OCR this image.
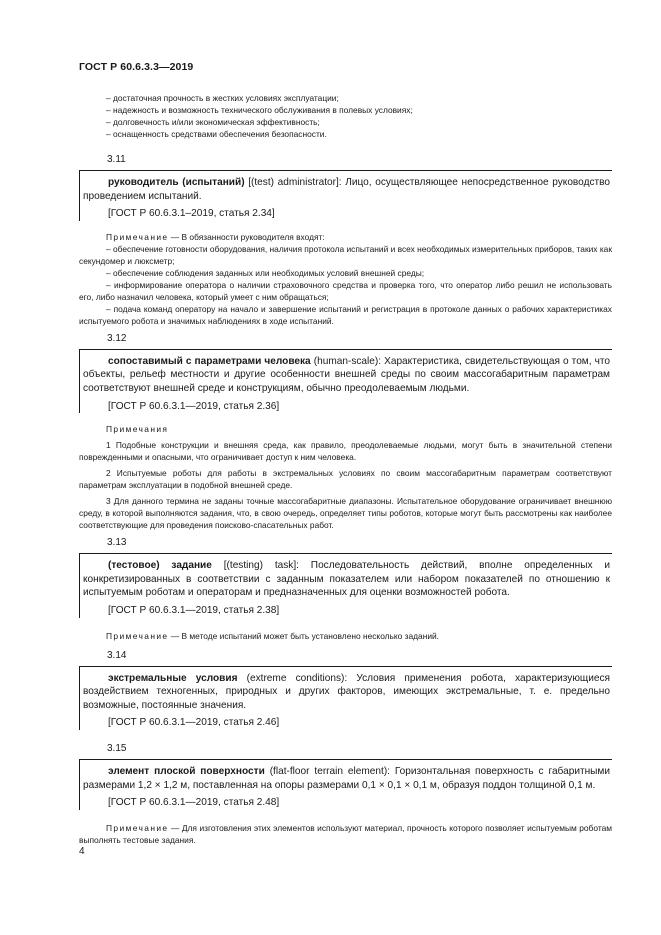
ГОСТ Р 60.6.3.3—2019
– достаточная прочность в жестких условиях эксплуатации;
– надежность и возможность технического обслуживания в полевых условиях;
– долговечность и/или экономическая эффективность;
– оснащенность средствами обеспечения безопасности.
3.11
руководитель (испытаний) [(test) administrator]: Лицо, осуществляющее непосредственное руководство проведением испытаний.
[ГОСТ Р 60.6.3.1–2019, статья 2.34]

Примечание — В обязанности руководителя входят:

– обеспечение готовности оборудования, наличия протокола испытаний и всех необходимых измерительных приборов, таких как секундомер и люксметр;

– обеспечение соблюдения заданных или необходимых условий внешней среды;

– информирование оператора о наличии страховочного средства и проверка того, что оператор либо решил не использовать его, либо назначил человека, который умеет с ним обращаться;

– подача команд оператору на начало и завершение испытаний и регистрация в протоколе данных о рабочих характеристиках испытуемого робота и значимых наблюдениях в ходе испытаний.

3.12
сопоставимый с параметрами человека (human-scale): Характеристика, свидетельствующая о том, что объекты, рельеф местности и другие особенности внешней среды по своим массогабаритным параметрам соответствуют внешней среде и конструкциям, обычно преодолеваемым людьми.
[ГОСТ Р 60.6.3.1—2019, статья 2.36]
Примечания

1 Подобные конструкции и внешняя среда, как правило, преодолеваемые людьми, могут быть в значительной степени поврежденными и опасными, что ограничивает доступ к ним человека.

2 Испытуемые роботы для работы в экстремальных условиях по своим массогабаритным параметрам соответствуют параметрам эксплуатации в подобной внешней среде.

3 Для данного термина не заданы точные массогабаритные диапазоны. Испытательное оборудование ограничивает внешнюю среду, в которой выполняются задания, что, в свою очередь, определяет типы роботов, которые могут быть рассмотрены как наиболее соответствующие для проведения поисково-спасательных работ.

3.13
(тестовое) задание [(testing) task]: Последовательность действий, вполне определенных и конкретизированных в соответствии с заданным показателем или набором показателей по отношению к испытуемым роботам и операторам и предназначенных для оценки возможностей робота.
[ГОСТ Р 60.6.3.1—2019, статья 2.38]

Примечание — В методе испытаний может быть установлено несколько заданий.

3.14
экстремальные условия (extreme conditions): Условия применения робота, характеризующиеся воздействием техногенных, природных и других факторов, имеющих экстремальные, т. е. предельно возможные, постоянные значения.
[ГОСТ Р 60.6.3.1—2019, статья 2.46]
3.15
элемент плоской поверхности (flat-floor terrain element): Горизонтальная поверхность с габаритными размерами 1,2 × 1,2 м, поставленная на опоры размерами 0,1 × 0,1 × 0,1 м, образуя поддон толщиной 0,1 м.
[ГОСТ Р 60.6.3.1—2019, статья 2.48]

Примечание — Для изготовления этих элементов используют материал, прочность которого позволяет испытуемым роботам выполнять тестовые задания.

4
